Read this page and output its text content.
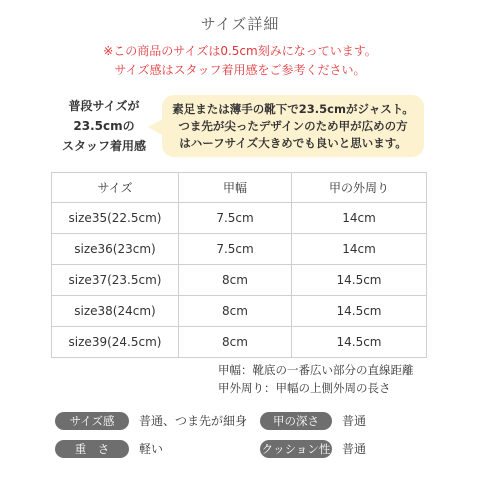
サイズ詳細
※この商品のサイズは0.5cm刻みになっています。
サイズ感はスタッフ着用感をご参考ください。
普段サイズが
23.5cmの
スタッフ着用感
素足または薄手の靴下で23.5cmがジャスト。
つま先が尖ったデザインのため甲が広めの方
はハーフサイズ大きめでも良いと思います。
サイズ	甲幅	甲の外周り
size35(22.5cm)	7.5cm	14cm
size36(23cm)	7.5cm	14cm
size37(23.5cm)	8cm	14.5cm
size38(24cm)	8cm	14.5cm
size39(24.5cm)	8cm	14.5cm
甲幅：靴底の一番広い部分の直線距離
甲外周り：甲幅の上側外周の長さ
サイズ感	普通、つま先が細身	甲の深さ	普通
重　さ	軽い	クッション性 普通
